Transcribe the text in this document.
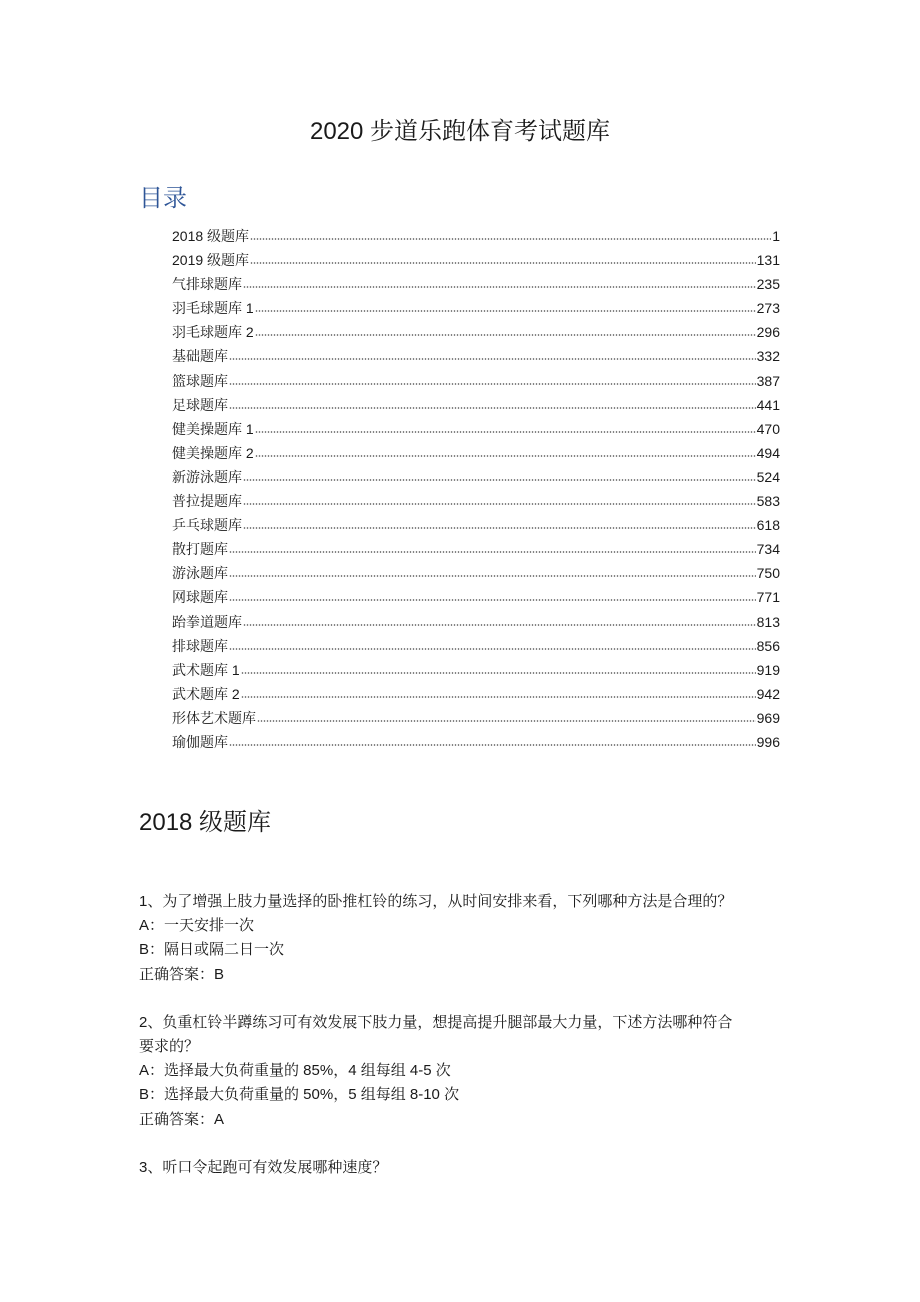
2020 步道乐跑体育考试题库
目录
2018 级题库	1
2019 级题库	131
气排球题库	235
羽毛球题库 1	273
羽毛球题库 2	296
基础题库	332
篮球题库	387
足球题库	441
健美操题库 1	470
健美操题库 2	494
新游泳题库	524
普拉提题库	583
乒乓球题库	618
散打题库	734
游泳题库	750
网球题库	771
跆拳道题库	813
排球题库	856
武术题库 1	919
武术题库 2	942
形体艺术题库	969
瑜伽题库	996
2018 级题库

1、为了增强上肢力量选择的卧推杠铃的练习，从时间安排来看，下列哪种方法是合理的？

A：一天安排一次

B：隔日或隔二日一次

正确答案：B

2、负重杠铃半蹲练习可有效发展下肢力量，想提高提升腿部最大力量，下述方法哪种符合

要求的？

A：选择最大负荷重量的 85%，4 组每组 4-5 次

B：选择最大负荷重量的 50%，5 组每组 8-10 次

正确答案：A

3、听口令起跑可有效发展哪种速度？
